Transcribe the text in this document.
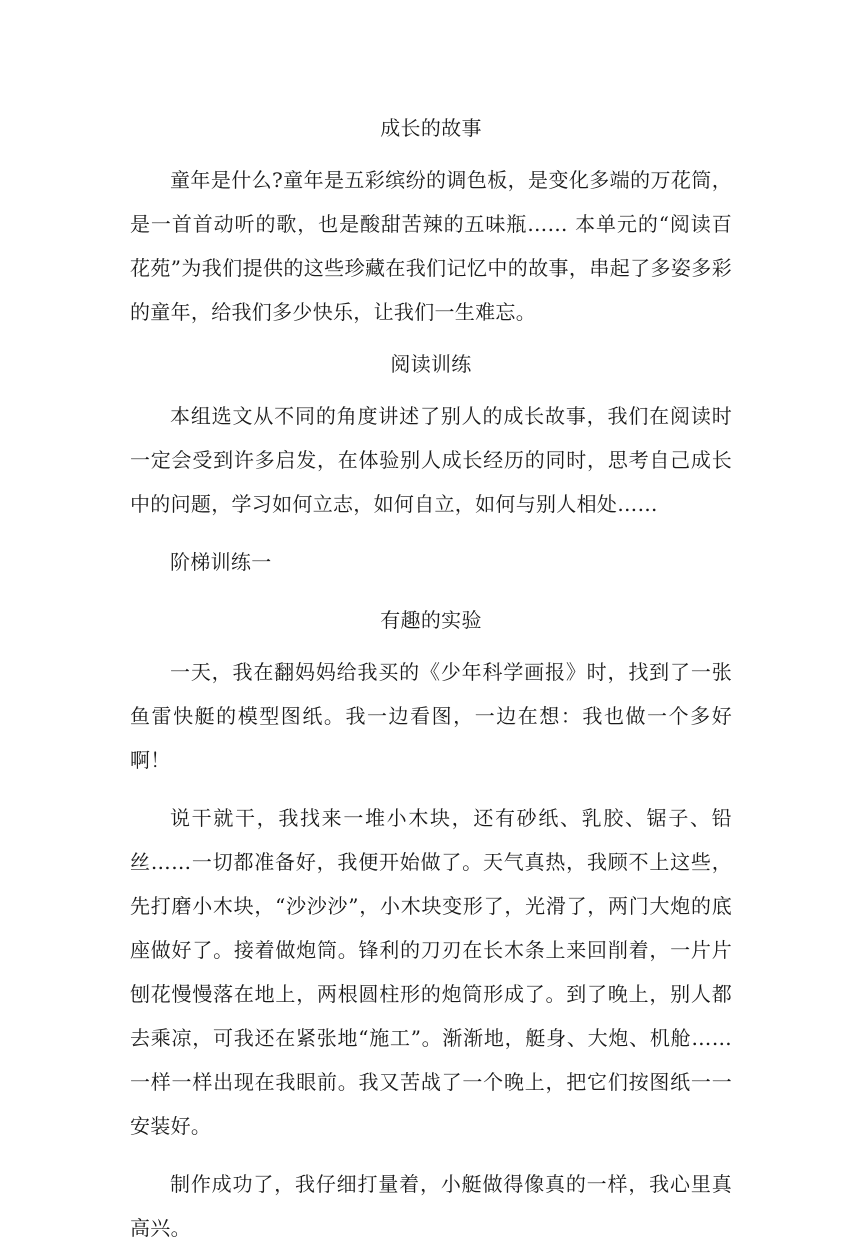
成长的故事

童年是什么?童年是五彩缤纷的调色板，是变化多端的万花筒，是一首首动听的歌，也是酸甜苦辣的五味瓶…… 本单元的“阅读百花苑”为我们提供的这些珍藏在我们记忆中的故事，串起了多姿多彩的童年，给我们多少快乐，让我们一生难忘。

阅读训练

本组选文从不同的角度讲述了别人的成长故事，我们在阅读时一定会受到许多启发，在体验别人成长经历的同时，思考自己成长中的问题，学习如何立志，如何自立，如何与别人相处……

阶梯训练一

有趣的实验

一天，我在翻妈妈给我买的《少年科学画报》时，找到了一张鱼雷快艇的模型图纸。我一边看图，一边在想：我也做一个多好啊！

说干就干，我找来一堆小木块，还有砂纸、乳胶、锯子、铅丝……一切都准备好，我便开始做了。天气真热，我顾不上这些，先打磨小木块，“沙沙沙”，小木块变形了，光滑了，两门大炮的底座做好了。接着做炮筒。锋利的刀刃在长木条上来回削着，一片片刨花慢慢落在地上，两根圆柱形的炮筒形成了。到了晚上，别人都去乘凉，可我还在紧张地“施工”。渐渐地，艇身、大炮、机舱…… 一样一样出现在我眼前。我又苦战了一个晚上，把它们按图纸一一安装好。

制作成功了，我仔细打量着，小艇做得像真的一样，我心里真高兴。
